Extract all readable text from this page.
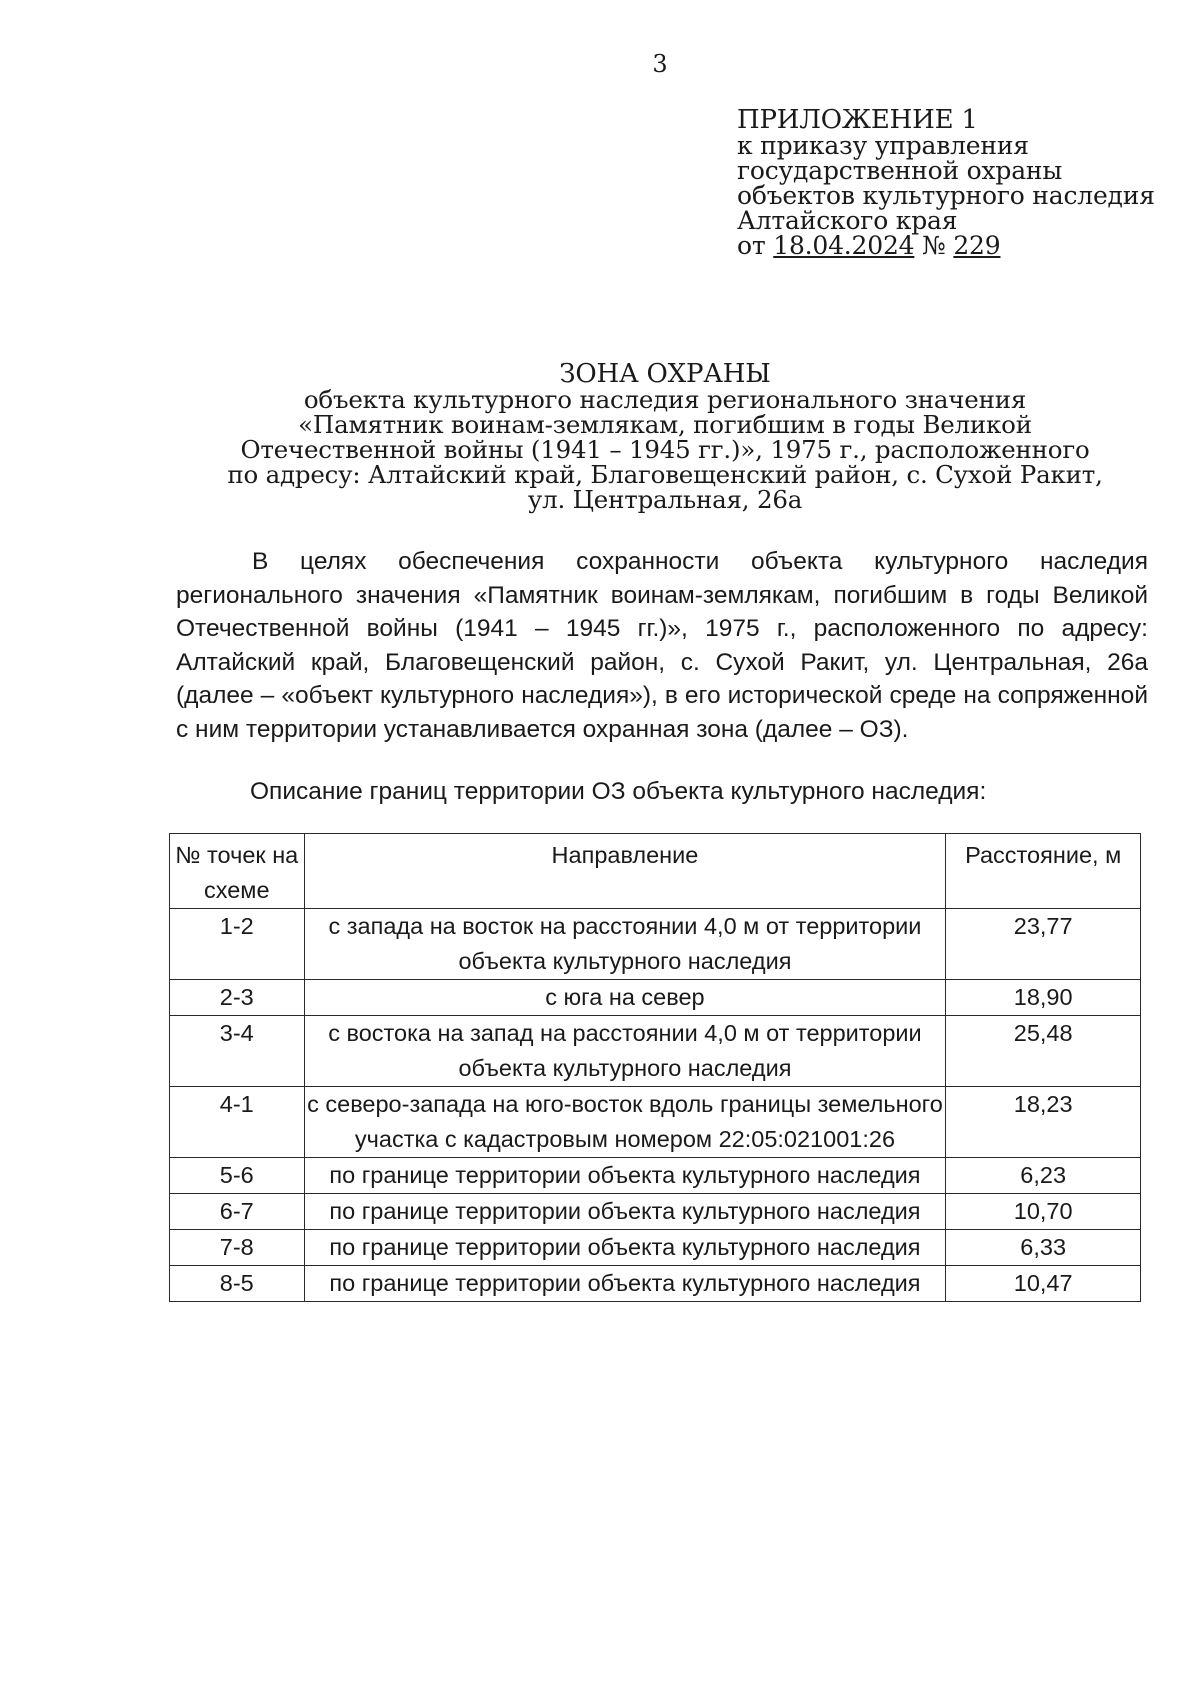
3
ПРИЛОЖЕНИЕ 1
к приказу управления
государственной охраны
объектов культурного наследия
Алтайского края
от 18.04.2024 № 229
ЗОНА ОХРАНЫ
объекта культурного наследия регионального значения
«Памятник воинам-землякам, погибшим в годы Великой
Отечественной войны (1941 – 1945 гг.)», 1975 г., расположенного
по адресу: Алтайский край, Благовещенский район, с. Сухой Ракит,
ул. Центральная, 26а
В целях обеспечения сохранности объекта культурного наследия регионального значения «Памятник воинам-землякам, погибшим в годы Великой Отечественной войны (1941 – 1945 гг.)», 1975 г., расположенного по адресу: Алтайский край, Благовещенский район, с. Сухой Ракит, ул. Центральная, 26а (далее – «объект культурного наследия»), в его исторической среде на сопряженной с ним территории устанавливается охранная зона (далее – ОЗ).
Описание границ территории ОЗ объекта культурного наследия:
№ точек на схеме	Направление	Расстояние, м
1-2	с запада на восток на расстоянии 4,0 м от территории объекта культурного наследия	23,77
2-3	с юга на север	18,90
3-4	с востока на запад на расстоянии 4,0 м от территории объекта культурного наследия	25,48
4-1	с северо-запада на юго-восток вдоль границы земельного участка с кадастровым номером 22:05:021001:26	18,23
5-6	по границе территории объекта культурного наследия	6,23
6-7	по границе территории объекта культурного наследия	10,70
7-8	по границе территории объекта культурного наследия	6,33
8-5	по границе территории объекта культурного наследия	10,47
